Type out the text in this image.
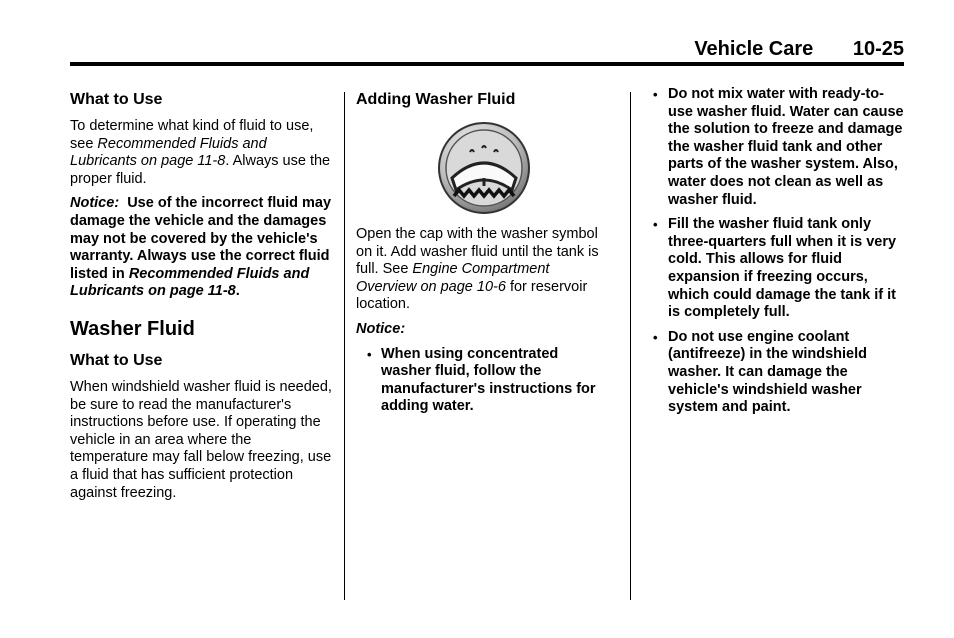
Vehicle Care 10-25
What to Use

To determine what kind of fluid to use, see Recommended Fluids and Lubricants on page 11-8. Always use the proper fluid.

Notice:  Use of the incorrect fluid may damage the vehicle and the damages may not be covered by the vehicle's warranty. Always use the correct fluid listed in Recommended Fluids and Lubricants on page 11-8.

Washer Fluid
What to Use

When windshield washer fluid is needed, be sure to read the manufacturer's instructions before use. If operating the vehicle in an area where the temperature may fall below freezing, use a fluid that has sufficient protection against freezing.

Adding Washer Fluid

Open the cap with the washer symbol on it. Add washer fluid until the tank is full. See Engine Compartment Overview on page 10-6 for reservoir location.

Notice:

• When using concentrated washer fluid, follow the manufacturer's instructions for adding water.
• Do not mix water with ready-to-use washer fluid. Water can cause the solution to freeze and damage the washer fluid tank and other parts of the washer system. Also, water does not clean as well as washer fluid.
• Fill the washer fluid tank only three-quarters full when it is very cold. This allows for fluid expansion if freezing occurs, which could damage the tank if it is completely full.
• Do not use engine coolant (antifreeze) in the windshield washer. It can damage the vehicle's windshield washer system and paint.
